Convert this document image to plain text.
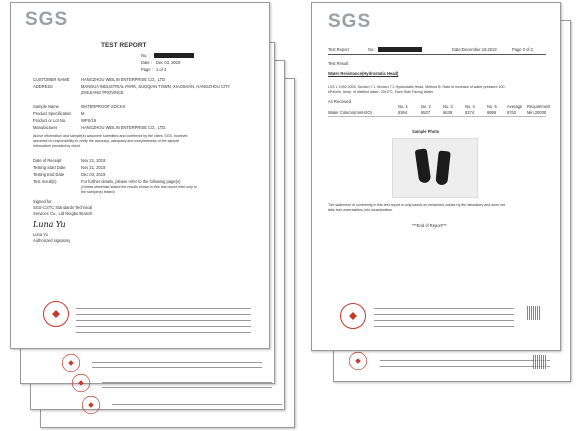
SGS
TEST REPORT
No. :
Date : Dec 03, 2019
Page : 1 of 4
CUSTOMER NAME	HANGZHOU WEILIN ENTERPRISE CO., LTD
ADDRESS	MANGUA INDUSTRIAL PARK, SUOQIAN TOWN, XIAOSHAN, HANGZHOU CITY
ZHEJIANG PROVINCE
Sample Name	WATERPROOF SOCKS
Product Specification M
Product or Lot No.	WPS/19
Manufacturer	HANGZHOU WEILIN ENTERPRISE CO., LTD.
Above information and sample(s) was/were submitted and confirmed by the client. SGS, however,
assumes no responsibility to verify the accuracy, adequacy and completeness of the sample
information provided by client.
Date of Receipt	Nov 21, 2019
Testing Start Date	Nov 21, 2019
Testing End Date	Dec 03, 2019
Test result(s)	For further details, please refer to the following page(s)
(Unless otherwise stated the results shown in this test report refer only to
the sample(s) tested)
Signed for
SGS-CSTC Standards Technical
Services Co., Ltd Ningbo Branch
Luna Yu
Luna Yu
Authorized signatory
SGS
Test Report	No.:	Date:December 18,2019	Page 2 of 2
Test Result
Water Resistance(Hydrostatic Head)
LSS L 1092:2009, Section 7.1 Section 7.1 Hydrostatic Head, Method B: Rate of increase of water pressure 100
kPa/min, temp. of distilled water: 20±2°C, Face Side Facing Water
As Received
No. 1	No. 2	No. 3	No. 4	No. 5 Average Requirement
Water Column(mmH2O)	6364	6537	6639	6374	6995	6762	Min.20000
Sample Photo
The statement of conformity in this test report is only based on measured values by the laboratory and does not
take test uncertainties into consideration.
***End of Report***
